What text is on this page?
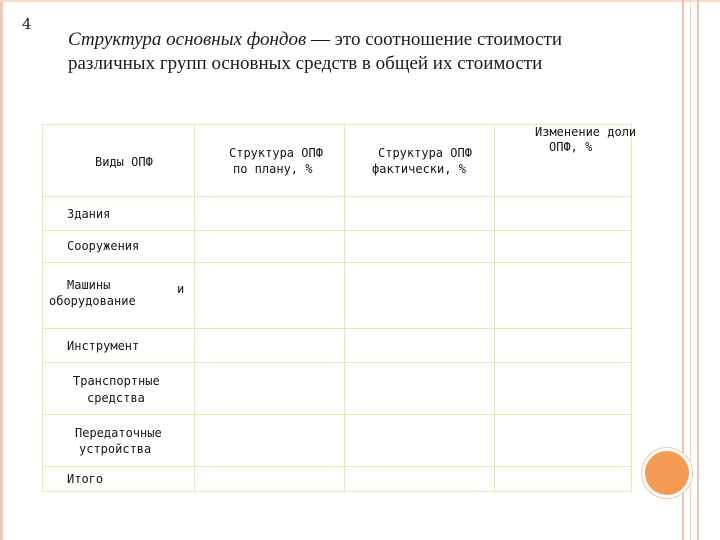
4
Структура основных фондов — это соотношение стоимости различных групп основных средств в общей их стоимости
Виды ОПФ
Структура ОПФ
по плану, %
Структура ОПФ
фактически, %
Изменение доли
ОПФ, %
Здания
Сооружения
Машины	и
оборудование
Инструмент
Транспортные
средства
Передаточные
устройства
Итого
